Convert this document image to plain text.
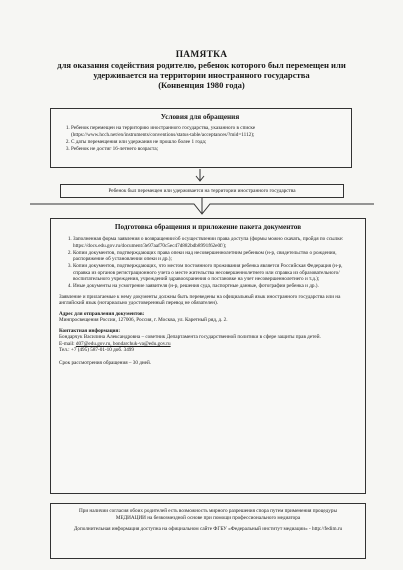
ПАМЯТКА
для оказания содействия родителю, ребенок которого был перемещен или
удерживается на территории иностранного государства
(Конвенция 1980 года)
Условия для обращения
1. Ребенок перемещен на территорию иностранного государства, указанного в списке (https://www.hcch.net/en/instruments/conventions/status-table/acceptances/?mid=1112);
2. С даты перемещения или удержания не прошло более 1 года;
3. Ребенок не достиг 16-летнего возраста;
Ребенок был перемещен или удерживается на территории иностранного государства
Подготовка обращения и приложение пакета документов
1. Заполненная форма заявления о возвращении/об осуществлении права доступа (формы можно скачать, пройдя по ссылке: https://docs.edu.gov.ru/document/3e97aaf70c5ec47d882bdb8991f62e0f/);
2. Копии документов, подтверждающих права опеки над несовершеннолетним ребенком (н-р, свидетельство о рождении, распоряжение об установлении опеки и др.);
3. Копии документов, подтверждающих, что местом постоянного проживания ребенка является Российская Федерация (н-р, справка из органов регистрационного учета о месте жительства несовершеннолетнего или справка из образовательного/воспитательного учреждения, учреждений здравоохранения о постановке на учет несовершеннолетнего и т.д.);
4. Иные документы на усмотрение заявителя (н-р, решения суда, паспортные данные, фотографии ребенка и др.).
Заявление и прилагаемые к нему документы должны быть переведены на официальный язык иностранного государства или на английский язык (нотариально удостоверенный перевод не обязателен).
Адрес для отправления документов:
Минпросвещения России, 127006, Россия, г. Москва, ул. Каретный ряд, д. 2.
Контактная информация:
Бондарчук Василина Александровна – советник Департамента государственной политики в сфере защиты прав детей.
E-mail: d07@edu.gov.ru, bondarchuk-va@edu.gov.ru
Тел.: +7 (495) 587-01-10 доб. 3499
Срок рассмотрения обращения – 30 дней.
При наличии согласия обоих родителей есть возможность мирного разрешения спора путем применения процедуры МЕДИАЦИИ на безвозмездной основе при помощи профессионального медиатора
Дополнительная информация доступна на официальном сайте ФГБУ «Федеральный институт медиации» - http://fedim.ru
